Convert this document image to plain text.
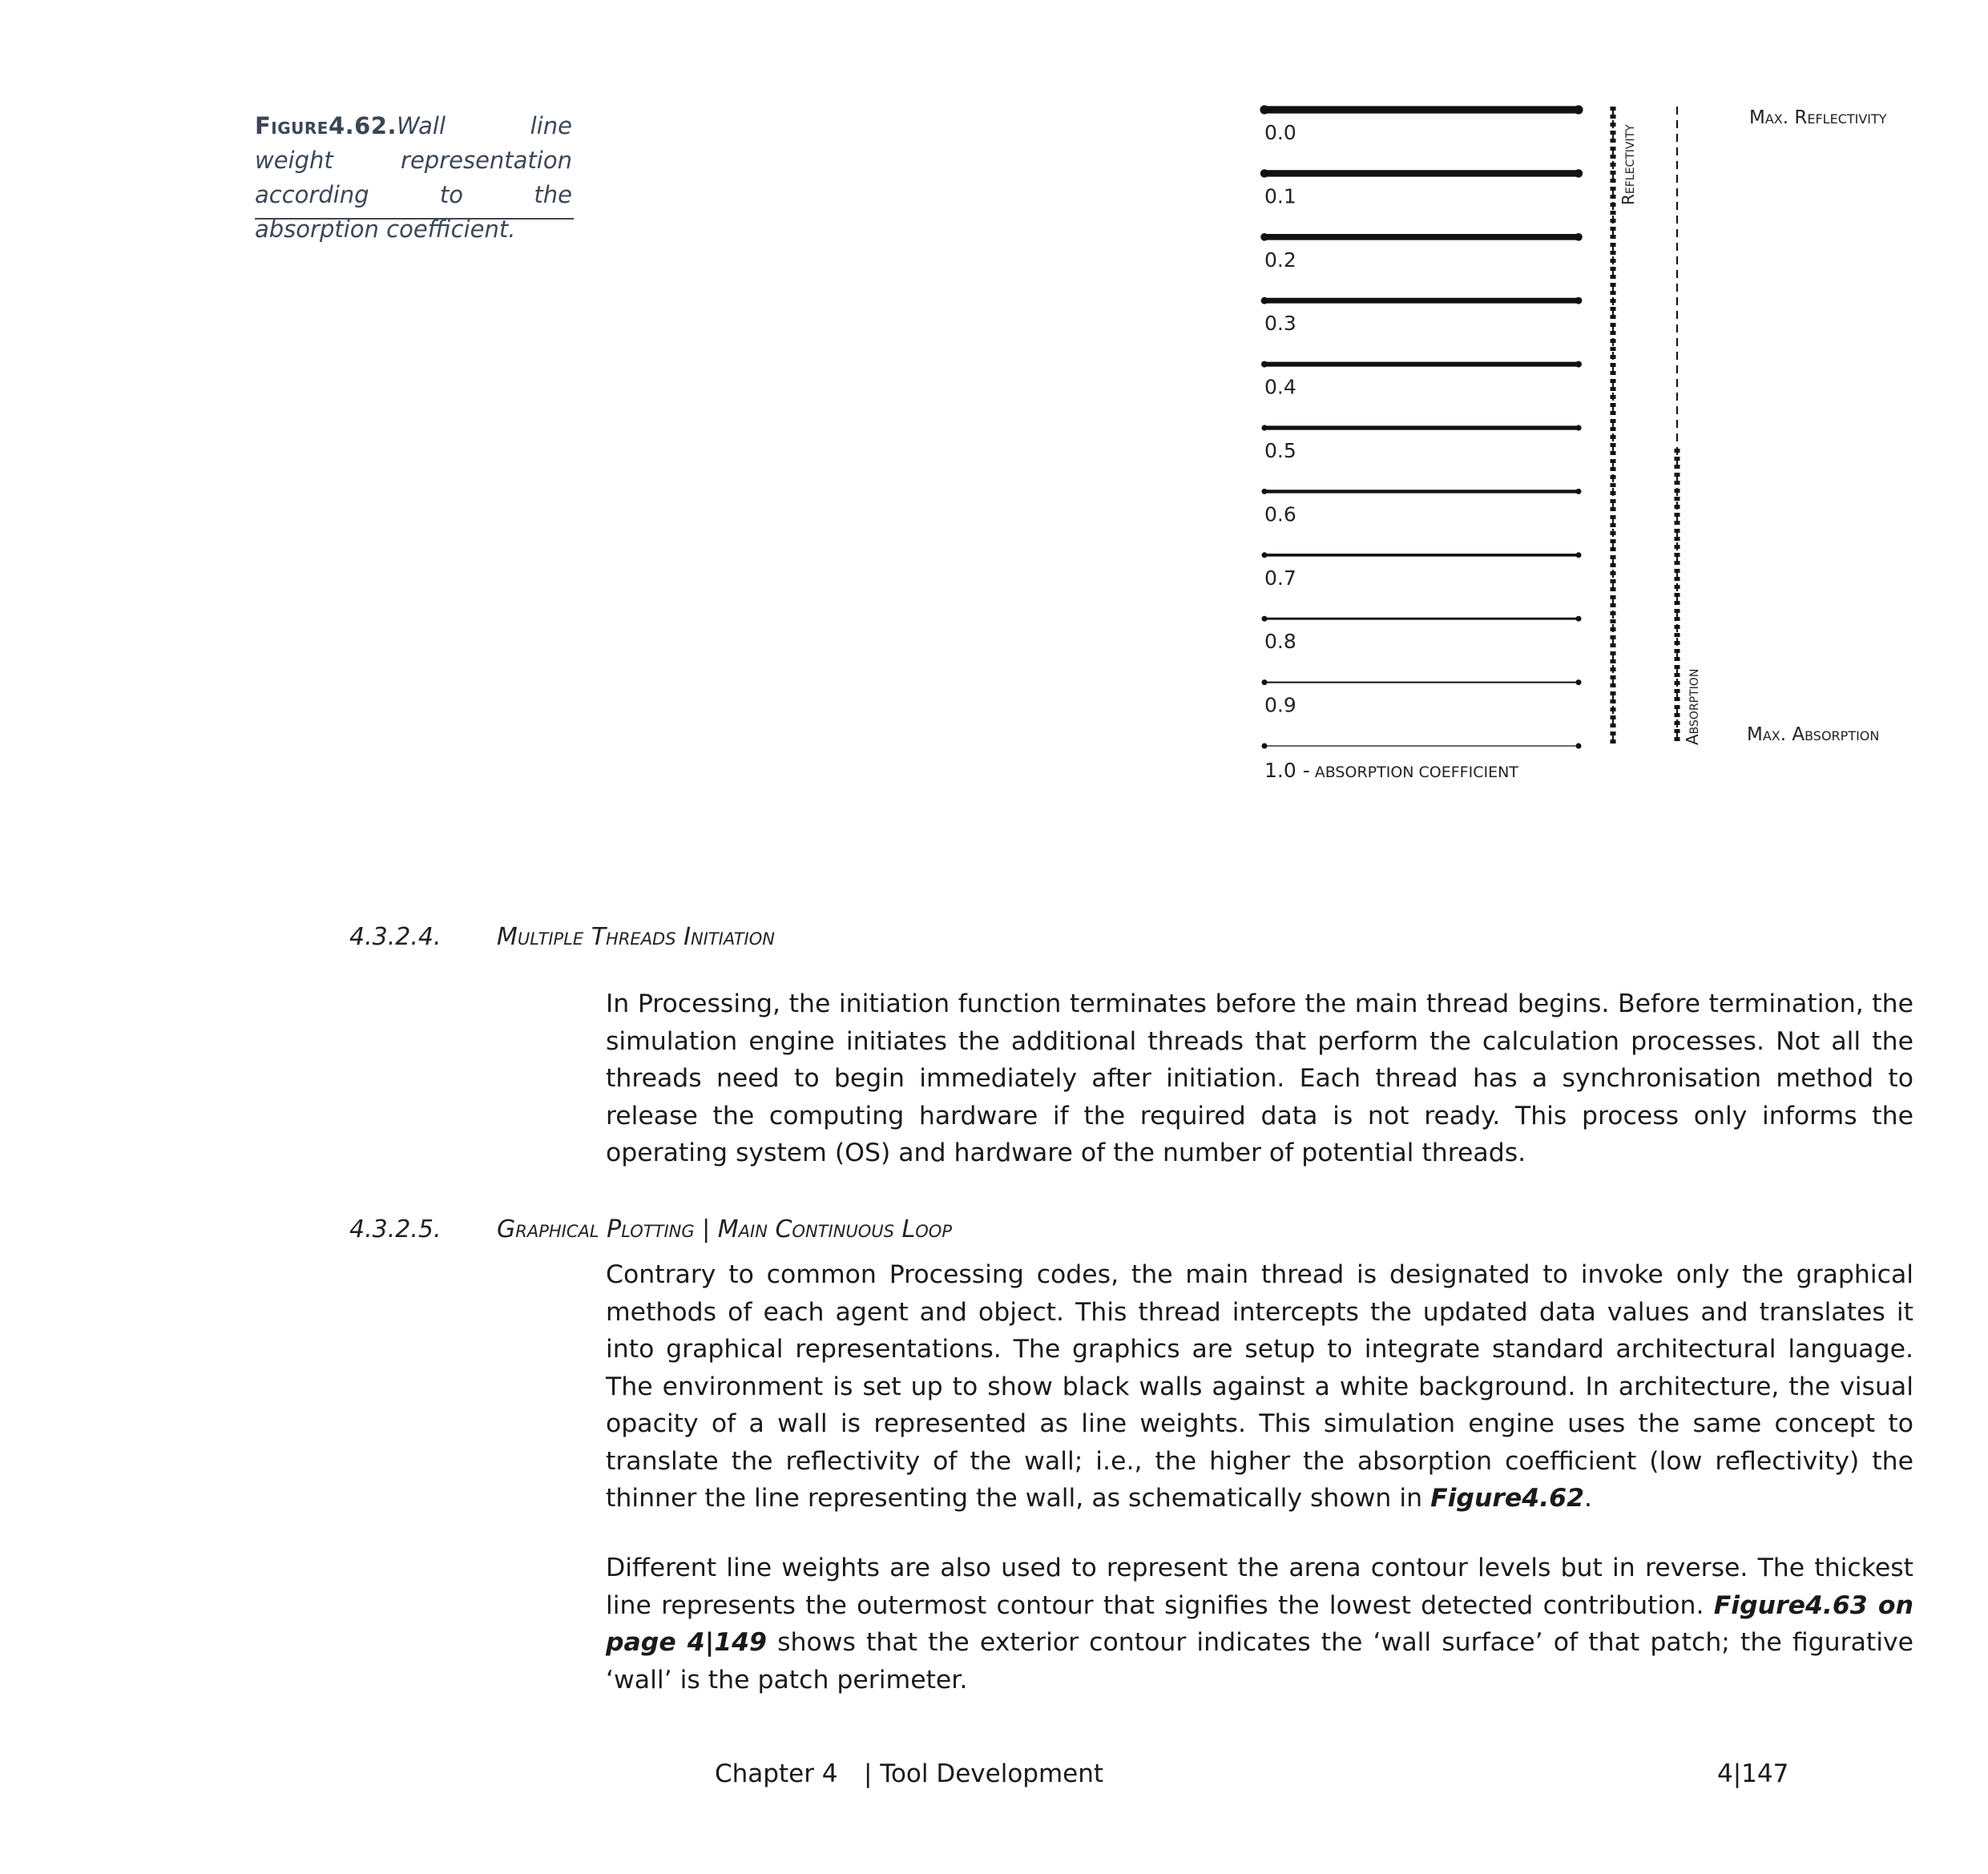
Figure4.62.Wall line weight representation according to the absorption coefficient.
0.0
0.1
0.2
0.3
0.4
0.5
0.6
0.7
0.8
0.9
1.0 - ABSORPTION COEFFICIENT
Reflectivity
Absorption
Max. Reflectivity
Max. Absorption
4.3.2.4. Multiple Threads Initiation
In Processing, the initiation function terminates before the main thread begins. Before termination, the simulation engine initiates the additional threads that perform the calculation processes. Not all the threads need to begin immediately after initiation. Each thread has a synchronisation method to release the computing hardware if the required data is not ready. This process only informs the operating system (OS) and hardware of the number of potential threads.
4.3.2.5. Graphical Plotting | Main Continuous Loop
Contrary to common Processing codes, the main thread is designated to invoke only the graphical methods of each agent and object. This thread intercepts the updated data values and translates it into graphical representations. The graphics are setup to integrate standard architectural language. The environment is set up to show black walls against a white background. In architecture, the visual opacity of a wall is represented as line weights. This simulation engine uses the same concept to translate the reflectivity of the wall; i.e., the higher the absorption coefficient (low reflectivity) the thinner the line representing the wall, as schematically shown in Figure4.62.
Different line weights are also used to represent the arena contour levels but in reverse. The thickest line represents the outermost contour that signifies the lowest detected contribution. Figure4.63 on page 4|149 shows that the exterior contour indicates the ‘wall surface’ of that patch; the figurative ‘wall’ is the patch perimeter.
Chapter 4 | Tool Development	4|147
